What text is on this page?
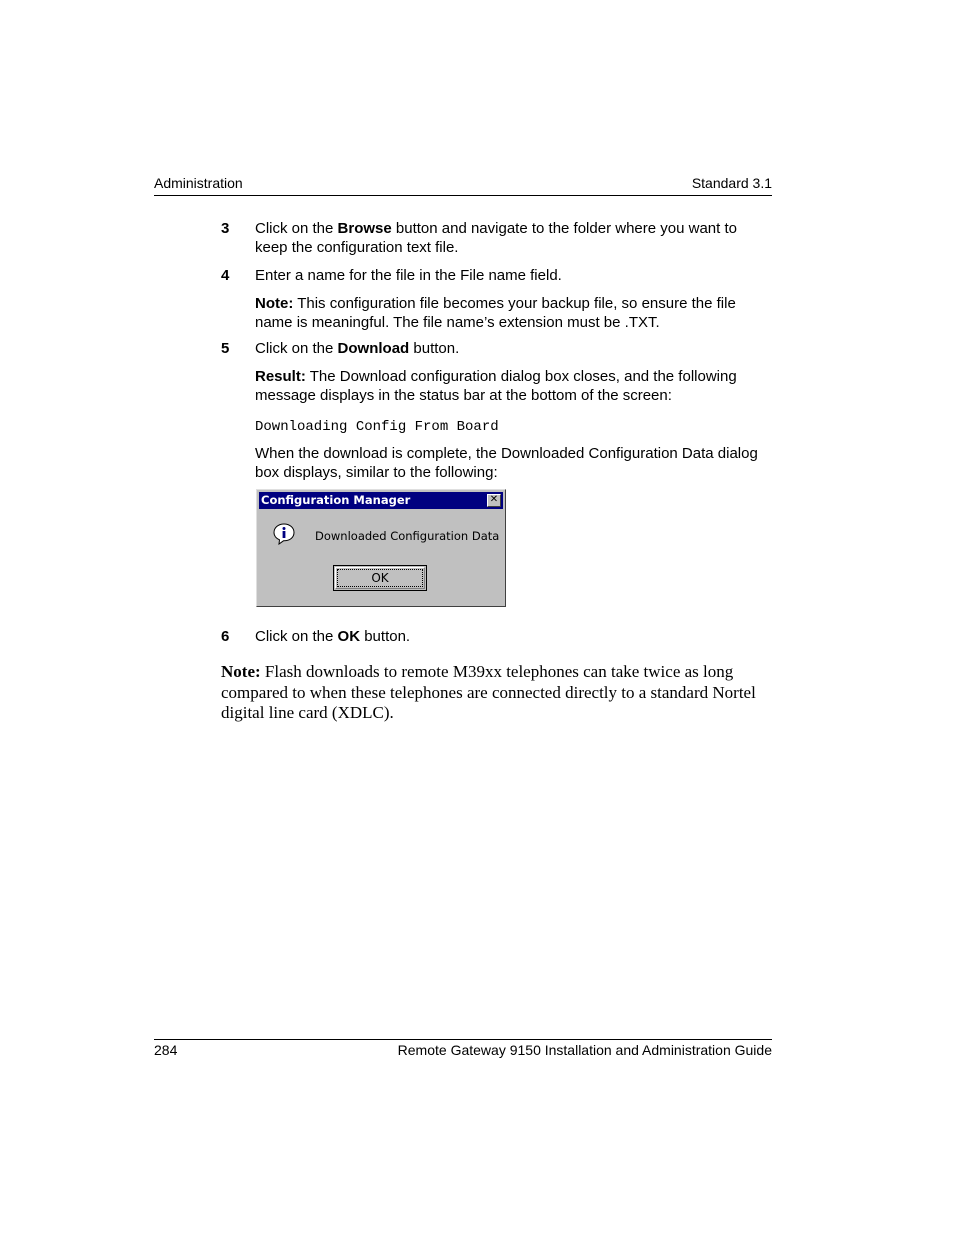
Administration	Standard 3.1
3 Click on the Browse button and navigate to the folder where you want to keep the configuration text file.
4 Enter a name for the file in the File name field.
Note: This configuration file becomes your backup file, so ensure the file name is meaningful. The file name’s extension must be .TXT.
5 Click on the Download button.
Result: The Download configuration dialog box closes, and the following message displays in the status bar at the bottom of the screen:
Downloading Config From Board
When the download is complete, the Downloaded Configuration Data dialog box displays, similar to the following:
Configuration Manager	✕
Downloaded Configuration Data
OK
6 Click on the OK button.
Note: Flash downloads to remote M39xx telephones can take twice as long compared to when these telephones are connected directly to a standard Nortel digital line card (XDLC).
284	Remote Gateway 9150 Installation and Administration Guide
